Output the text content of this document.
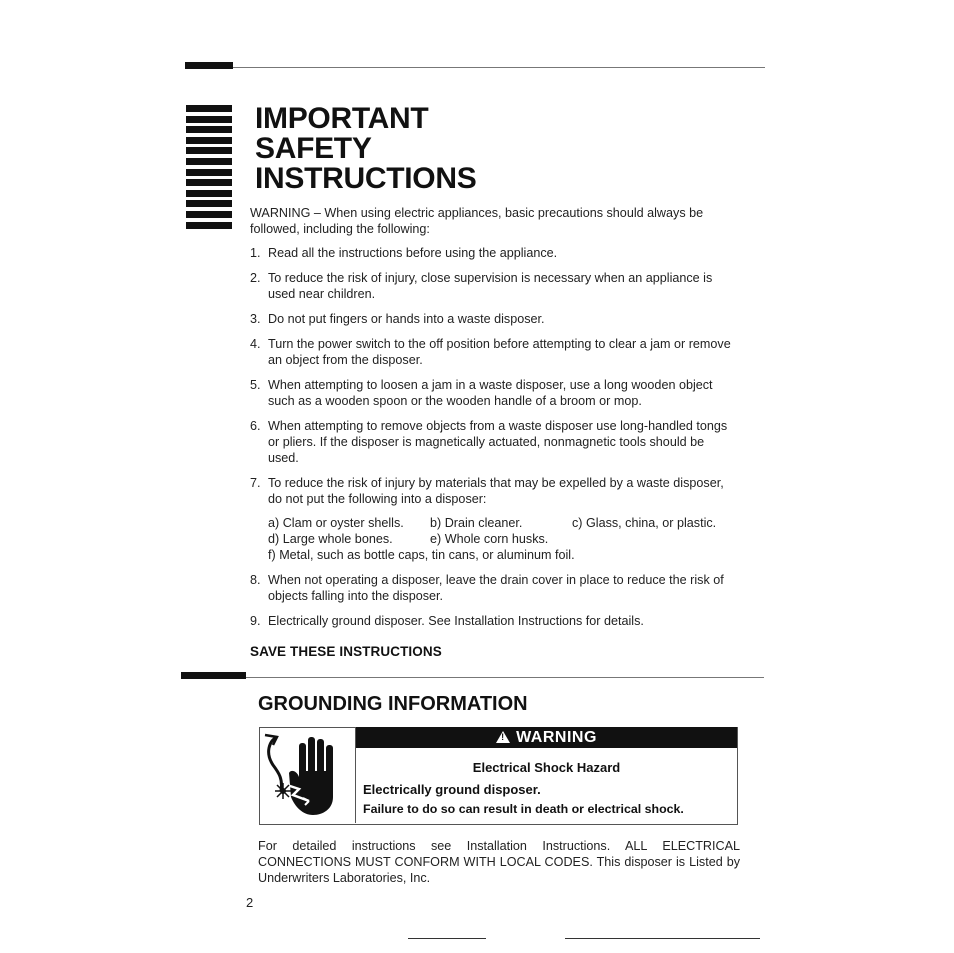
IMPORTANT
SAFETY
INSTRUCTIONS
WARNING – When using electric appliances, basic precautions should always be followed, including the following:
1. Read all the instructions before using the appliance.
2. To reduce the risk of injury, close supervision is necessary when an appliance is used near children.
3. Do not put fingers or hands into a waste disposer.
4. Turn the power switch to the off position before attempting to clear a jam or remove an object from the disposer.
5. When attempting to loosen a jam in a waste disposer, use a long wooden object such as a wooden spoon or the wooden handle of a broom or mop.
6. When attempting to remove objects from a waste disposer use long-handled tongs or pliers. If the disposer is magnetically actuated, nonmagnetic tools should be used.
7. To reduce the risk of injury by materials that may be expelled by a waste disposer, do not put the following into a disposer:
a) Clam or oyster shells.	b) Drain cleaner.	c) Glass, china, or plastic.
d) Large whole bones.	e) Whole corn husks.
f) Metal, such as bottle caps, tin cans, or aluminum foil.
8. When not operating a disposer, leave the drain cover in place to reduce the risk of objects falling into the disposer.
9. Electrically ground disposer. See Installation Instructions for details.
SAVE THESE INSTRUCTIONS
GROUNDING INFORMATION
!
WARNING
Electrical Shock Hazard
Electrically ground disposer.
Failure to do so can result in death or electrical shock.
For detailed instructions see Installation Instructions. ALL ELECTRICAL CONNECTIONS MUST CONFORM WITH LOCAL CODES. This disposer is Listed by Underwriters Laboratories, Inc.
2
